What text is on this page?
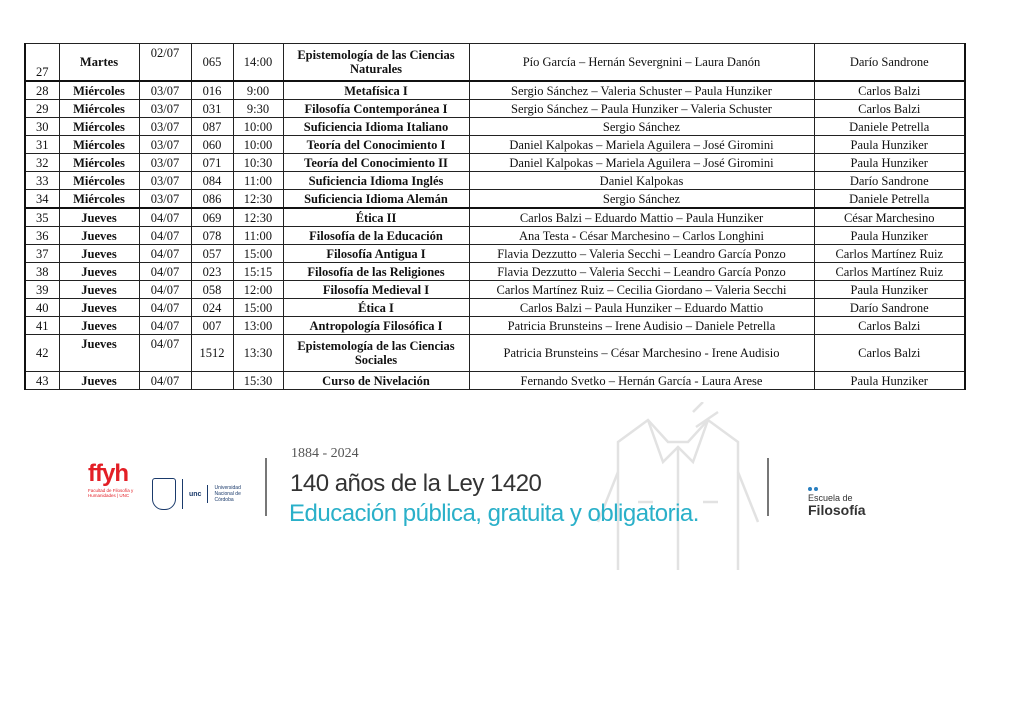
27	Martes	02/07	065	14:00	Epistemología de las Ciencias Naturales	Pío García – Hernán Severgnini – Laura Danón	Darío Sandrone
28	Miércoles	03/07	016	9:00	Metafísica I	Sergio Sánchez – Valeria Schuster – Paula Hunziker	Carlos Balzi
29	Miércoles	03/07	031	9:30	Filosofía Contemporánea I	Sergio Sánchez – Paula Hunziker – Valeria Schuster	Carlos Balzi
30	Miércoles	03/07	087	10:00	Suficiencia Idioma Italiano	Sergio Sánchez	Daniele Petrella
31	Miércoles	03/07	060	10:00	Teoría del Conocimiento I	Daniel Kalpokas – Mariela Aguilera – José Giromini	Paula Hunziker
32	Miércoles	03/07	071	10:30	Teoría del Conocimiento II	Daniel Kalpokas – Mariela Aguilera – José Giromini	Paula Hunziker
33	Miércoles	03/07	084	11:00	Suficiencia Idioma Inglés	Daniel Kalpokas	Darío Sandrone
34	Miércoles	03/07	086	12:30	Suficiencia Idioma Alemán	Sergio Sánchez	Daniele Petrella
35	Jueves	04/07	069	12:30	Ética II	Carlos Balzi – Eduardo Mattio – Paula Hunziker	César Marchesino
36	Jueves	04/07	078	11:00	Filosofía de la Educación	Ana Testa - César Marchesino – Carlos Longhini	Paula Hunziker
37	Jueves	04/07	057	15:00	Filosofía Antigua I	Flavia Dezzutto – Valeria Secchi – Leandro García Ponzo	Carlos Martínez Ruiz
38	Jueves	04/07	023	15:15	Filosofía de las Religiones	Flavia Dezzutto – Valeria Secchi – Leandro García Ponzo	Carlos Martínez Ruiz
39	Jueves	04/07	058	12:00	Filosofía Medieval I	Carlos Martínez Ruiz – Cecilia Giordano – Valeria Secchi	Paula Hunziker
40	Jueves	04/07	024	15:00	Ética I	Carlos Balzi – Paula Hunziker – Eduardo Mattio	Darío Sandrone
41	Jueves	04/07	007	13:00	Antropología Filosófica I	Patricia Brunsteins – Irene Audisio – Daniele Petrella	Carlos Balzi
42	Jueves	04/07	1512	13:30	Epistemología de las Ciencias Sociales	Patricia Brunsteins – César Marchesino - Irene Audisio	Carlos Balzi
43	Jueves	04/07		15:30	Curso de Nivelación	Fernando Svetko – Hernán García - Laura Arese	Paula Hunziker
ffyh
Facultad de Filosofía y Humanidades | UNC	unc
Universidad Nacional de Córdoba
1884 - 2024
140 años de la Ley 1420
Educación pública, gratuita y obligatoria.
Escuela de
Filosofía
